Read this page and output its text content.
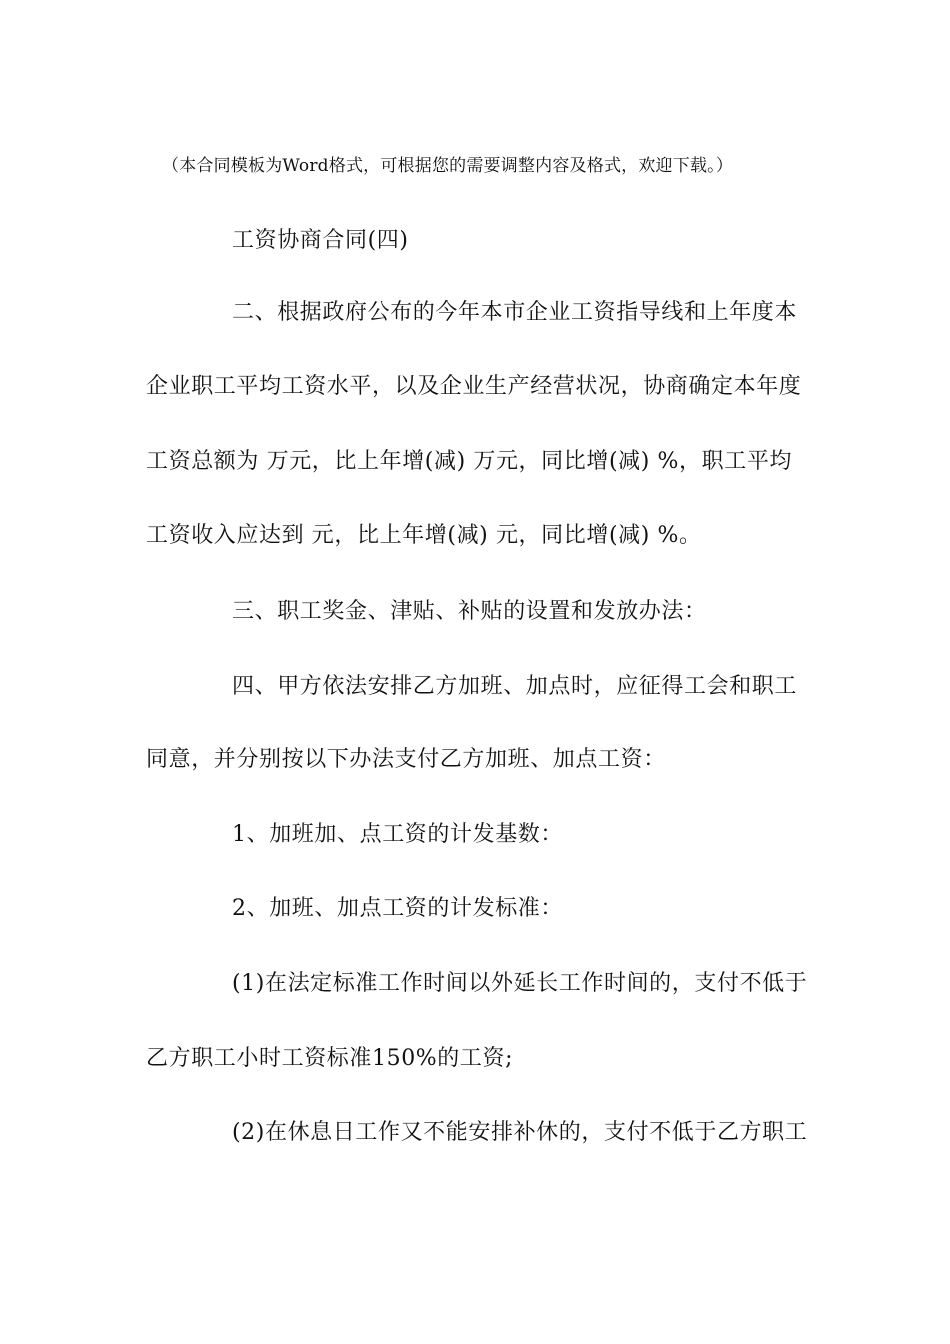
（本合同模板为Word格式，可根据您的需要调整内容及格式，欢迎下载。）
工资协商合同(四)
二、根据政府公布的今年本市企业工资指导线和上年度本
企业职工平均工资水平，以及企业生产经营状况，协商确定本年度
工资总额为 万元，比上年增(减) 万元，同比增(减) %，职工平均
工资收入应达到 元，比上年增(减) 元，同比增(减) %。
三、职工奖金、津贴、补贴的设置和发放办法：
四、甲方依法安排乙方加班、加点时，应征得工会和职工
同意，并分别按以下办法支付乙方加班、加点工资：
1、加班加、点工资的计发基数：
2、加班、加点工资的计发标准：
(1)在法定标准工作时间以外延长工作时间的，支付不低于
乙方职工小时工资标准150%的工资;
(2)在休息日工作又不能安排补休的，支付不低于乙方职工
